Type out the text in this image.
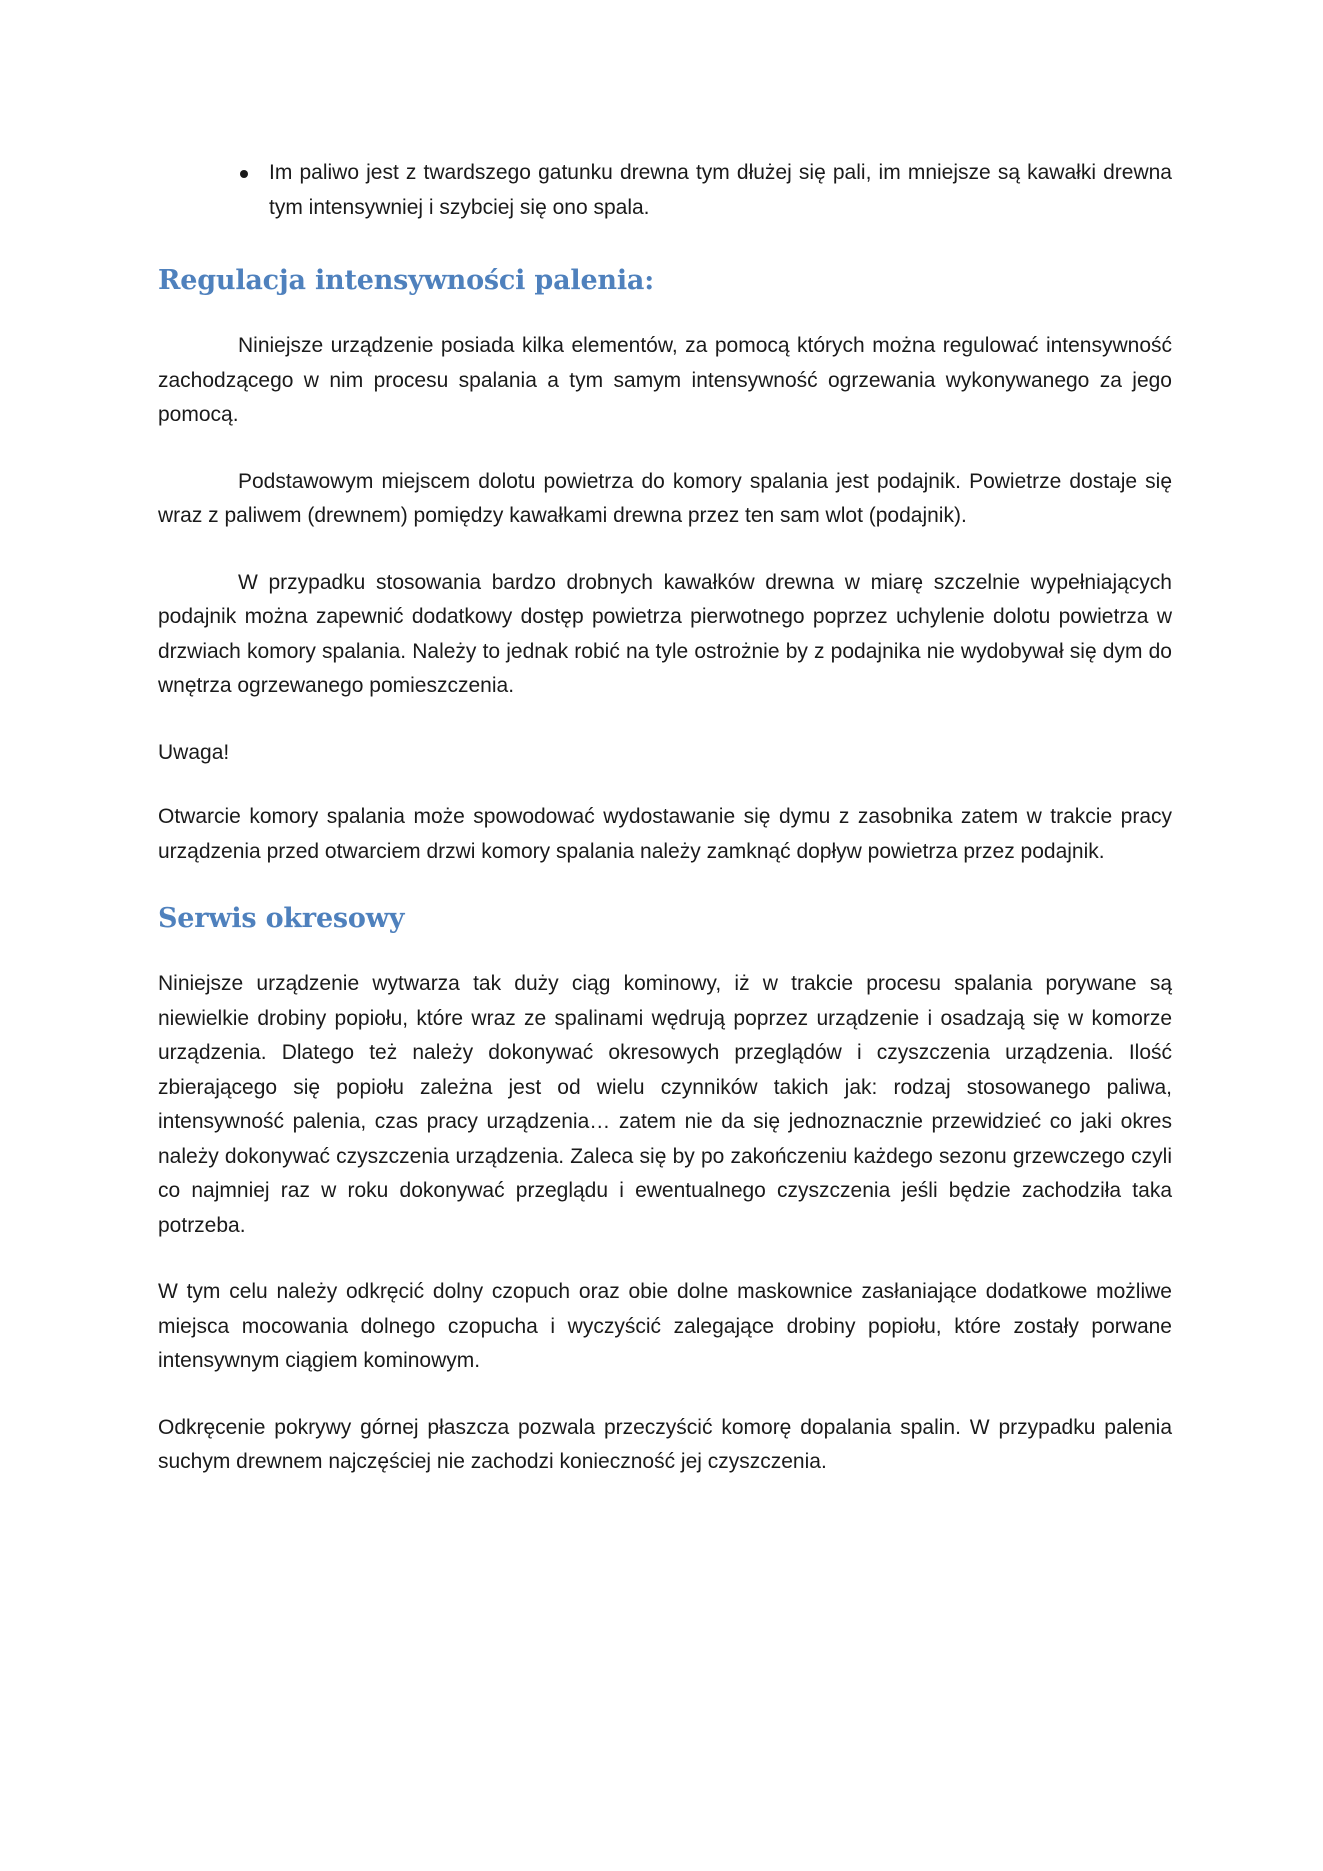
Im paliwo jest z twardszego gatunku drewna tym dłużej się pali, im mniejsze są kawałki drewna tym intensywniej i szybciej się ono spala.
Regulacja intensywności palenia:

Niniejsze urządzenie posiada kilka elementów, za pomocą których można regulować intensywność zachodzącego w nim procesu spalania a tym samym intensywność ogrzewania wykonywanego za jego pomocą.

Podstawowym miejscem dolotu powietrza do komory spalania jest podajnik. Powietrze dostaje się wraz z paliwem (drewnem) pomiędzy kawałkami drewna przez ten sam wlot (podajnik).

W przypadku stosowania bardzo drobnych kawałków drewna w miarę szczelnie wypełniających podajnik można zapewnić dodatkowy dostęp powietrza pierwotnego poprzez uchylenie dolotu powietrza w drzwiach komory spalania. Należy to jednak robić na tyle ostrożnie by z podajnika nie wydobywał się dym do wnętrza ogrzewanego pomieszczenia.

Uwaga!

Otwarcie komory spalania może spowodować wydostawanie się dymu z zasobnika zatem w trakcie pracy urządzenia przed otwarciem drzwi komory spalania należy zamknąć dopływ powietrza przez podajnik.

Serwis okresowy

Niniejsze urządzenie wytwarza tak duży ciąg kominowy, iż w trakcie procesu spalania porywane są niewielkie drobiny popiołu, które wraz ze spalinami wędrują poprzez urządzenie i osadzają się w komorze urządzenia. Dlatego też należy dokonywać okresowych przeglądów i czyszczenia urządzenia. Ilość zbierającego się popiołu zależna jest od wielu czynników takich jak: rodzaj stosowanego paliwa, intensywność palenia, czas pracy urządzenia… zatem nie da się jednoznacznie przewidzieć co jaki okres należy dokonywać czyszczenia urządzenia. Zaleca się by po zakończeniu każdego sezonu grzewczego czyli co najmniej raz w roku dokonywać przeglądu i ewentualnego czyszczenia jeśli będzie zachodziła taka potrzeba.

W tym celu należy odkręcić dolny czopuch oraz obie dolne maskownice zasłaniające dodatkowe możliwe miejsca mocowania dolnego czopucha i wyczyścić zalegające drobiny popiołu, które zostały porwane intensywnym ciągiem kominowym.

Odkręcenie pokrywy górnej płaszcza pozwala przeczyścić komorę dopalania spalin. W przypadku palenia suchym drewnem najczęściej nie zachodzi konieczność jej czyszczenia.
